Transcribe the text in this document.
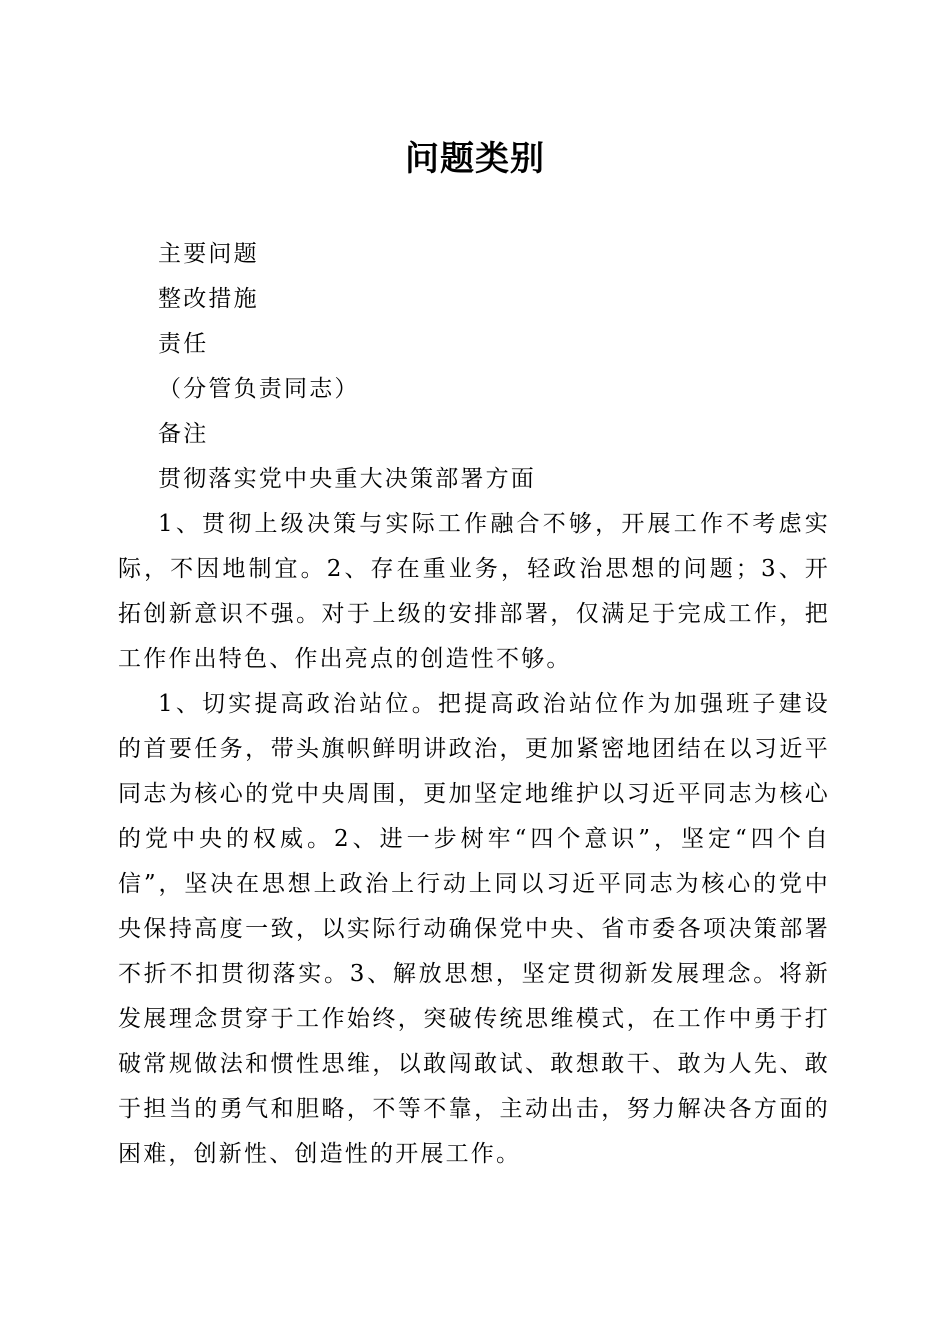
问题类别

主要问题

整改措施

责任

（分管负责同志）

备注

贯彻落实党中央重大决策部署方面

1、贯彻上级决策与实际工作融合不够，开展工作不考虑实际，不因地制宜。2、存在重业务，轻政治思想的问题；3、开拓创新意识不强。对于上级的安排部署，仅满足于完成工作，把工作作出特色、作出亮点的创造性不够。

1、切实提高政治站位。把提高政治站位作为加强班子建设的首要任务，带头旗帜鲜明讲政治，更加紧密地团结在以习近平同志为核心的党中央周围，更加坚定地维护以习近平同志为核心的党中央的权威。2、进一步树牢“四个意识”，坚定“四个自信”，坚决在思想上政治上行动上同以习近平同志为核心的党中央保持高度一致，以实际行动确保党中央、省市委各项决策部署不折不扣贯彻落实。3、解放思想，坚定贯彻新发展理念。将新发展理念贯穿于工作始终，突破传统思维模式，在工作中勇于打破常规做法和惯性思维，以敢闯敢试、敢想敢干、敢为人先、敢于担当的勇气和胆略，不等不靠，主动出击，努力解决各方面的困难，创新性、创造性的开展工作。
